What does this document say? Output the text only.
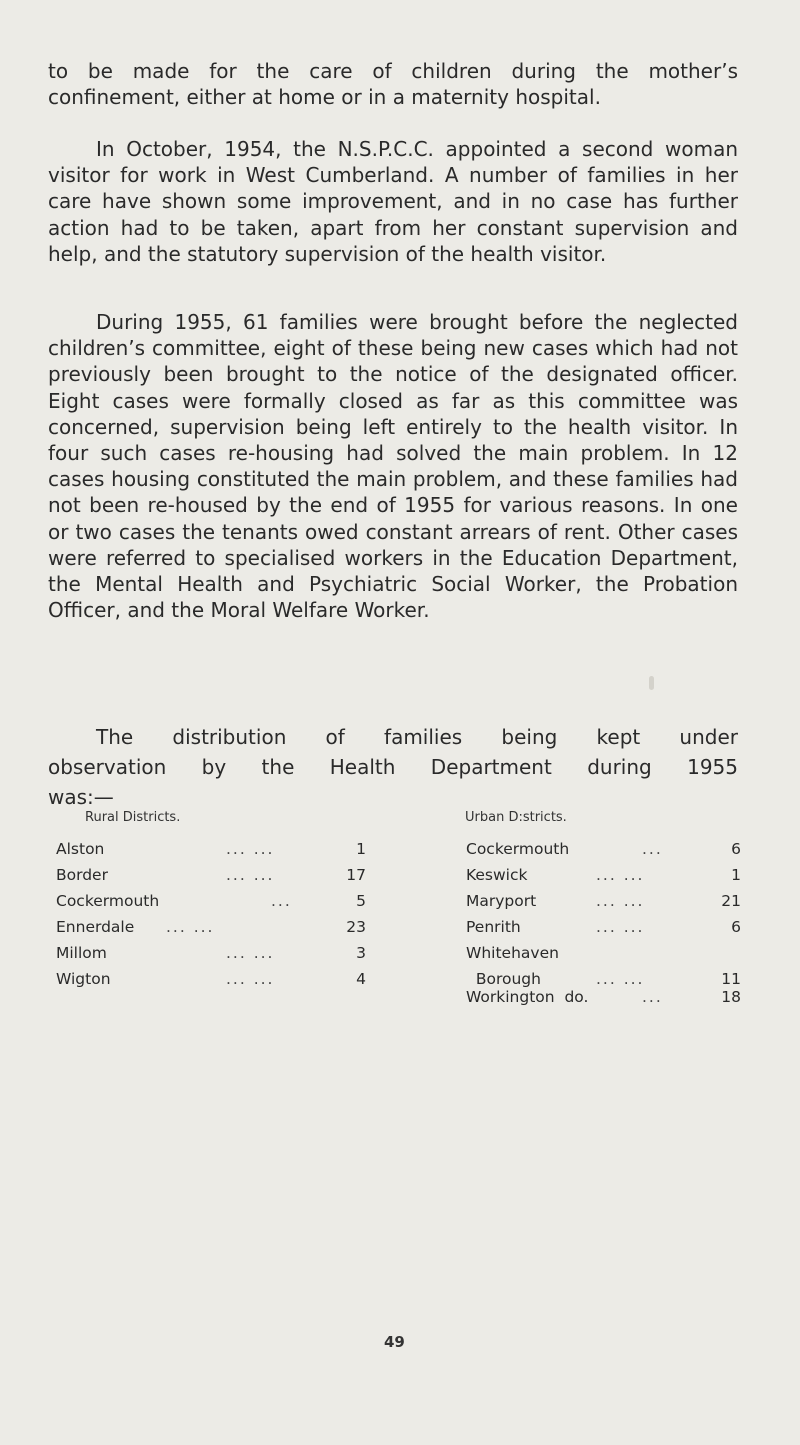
to be made for the care of children during the mother’s confinement, either at home or in a maternity hospital.

In October, 1954, the N.S.P.C.C. appointed a second woman visitor for work in West Cumberland. A number of families in her care have shown some improvement, and in no case has further action had to be taken, apart from her constant supervision and help, and the statutory supervision of the health visitor.

During 1955, 61 families were brought before the neglected children’s committee, eight of these being new cases which had not previously been brought to the notice of the designated officer. Eight cases were formally closed as far as this committee was concerned, supervision being left entirely to the health visitor. In four such cases re-housing had solved the main problem. In 12 cases housing constituted the main problem, and these families had not been re-housed by the end of 1955 for various reasons. In one or two cases the tenants owed constant arrears of rent. Other cases were referred to specialised workers in the Education Department, the Mental Health and Psychiatric Social Worker, the Probation Officer, and the Moral Welfare Worker.

The distribution of families being kept under
observation by the Health Department during 1955
was:—
Rural Districts.	Urban D:stricts.
Alston	... ...	1
Border	... ...	17
Cockermouth	...	5
Ennerdale ... ...	23
Millom	... ...	3
Wigton	... ...	4
Cockermouth	...	6
Keswick	... ...	1
Maryport	... ...	21
Penrith	... ...	6
Whitehaven
Borough	... ...	11
Workington  do.	...	18
49
